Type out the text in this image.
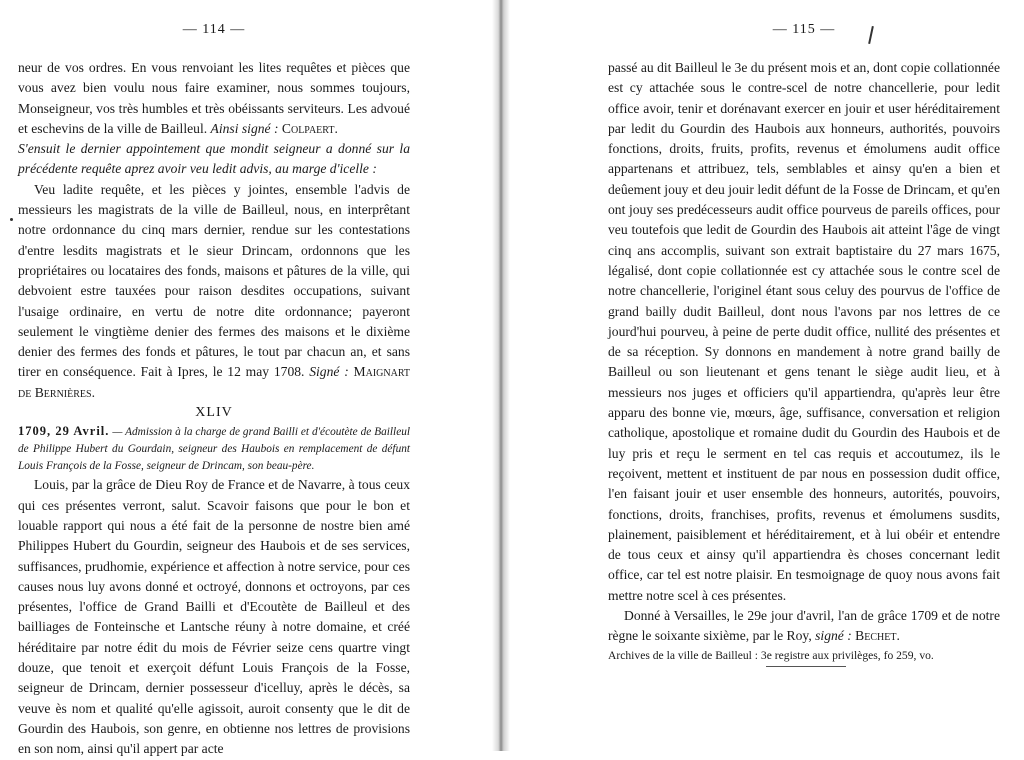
— 114 —

neur de vos ordres. En vous renvoiant les lites requêtes et pièces que vous avez bien voulu nous faire examiner, nous sommes toujours, Monseigneur, vos très humbles et très obéissants serviteurs. Les advoué et eschevins de la ville de Bailleul. Ainsi signé : Colpaert.

S'ensuit le dernier appointement que mondit seigneur a donné sur la précédente requête aprez avoir veu ledit advis, au marge d'icelle :

Veu ladite requête, et les pièces y jointes, ensemble l'advis de messieurs les magistrats de la ville de Bailleul, nous, en interprêtant notre ordonnance du cinq mars dernier, rendue sur les contestations d'entre lesdits magistrats et le sieur Drincam, ordonnons que les propriétaires ou locataires des fonds, maisons et pâtures de la ville, qui debvoient estre tauxées pour raison desdites occupations, suivant l'usaige ordinaire, en vertu de notre dite ordonnance; payeront seulement le vingtième denier des fermes des maisons et le dixième denier des fermes des fonds et pâtures, le tout par chacun an, et sans tirer en conséquence. Fait à Ipres, le 12 may 1708. Signé : Maignart de Bernières.

XLIV

1709, 29 Avril. — Admission à la charge de grand Bailli et d'écoutète de Bailleul de Philippe Hubert du Gourdain, seigneur des Haubois en remplacement de défunt Louis François de la Fosse, seigneur de Drincam, son beau-père.

Louis, par la grâce de Dieu Roy de France et de Navarre, à tous ceux qui ces présentes verront, salut. Scavoir faisons que pour le bon et louable rapport qui nous a été fait de la personne de nostre bien amé Philippes Hubert du Gourdin, seigneur des Haubois et de ses services, suffisances, prudhomie, expérience et affection à notre service, pour ces causes nous luy avons donné et octroyé, donnons et octroyons, par ces présentes, l'office de Grand Bailli et d'Ecoutète de Bailleul et des bailliages de Fonteinsche et Lantsche réuny à notre domaine, et créé héréditaire par notre édit du mois de Février seize cens quartre vingt douze, que tenoit et exerçoit défunt Louis François de la Fosse, seigneur de Drincam, dernier possesseur d'icelluy, après le décès, sa veuve ès nom et qualité qu'elle agissoit, auroit consenty que le dit de Gourdin des Haubois, son genre, en obtienne nos lettres de provisions en son nom, ainsi qu'il appert par acte

— 115 —

passé au dit Bailleul le 3e du présent mois et an, dont copie collationnée est cy attachée sous le contre-scel de notre chancellerie, pour ledit office avoir, tenir et dorénavant exercer en jouir et user héréditairement par ledit du Gourdin des Haubois aux honneurs, authorités, pouvoirs fonctions, droits, fruits, profits, revenus et émolumens audit office appartenans et attribuez, tels, semblables et ainsy qu'en a bien et deûement jouy et deu jouir ledit défunt de la Fosse de Drincam, et qu'en ont jouy ses predécesseurs audit office pourveus de pareils offices, pour veu toutefois que ledit de Gourdin des Haubois ait atteint l'âge de vingt cinq ans accomplis, suivant son extrait baptistaire du 27 mars 1675, légalisé, dont copie collationnée est cy attachée sous le contre scel de notre chancellerie, l'originel étant sous celuy des pourvus de l'office de grand bailly dudit Bailleul, dont nous l'avons par nos lettres de ce jourd'hui pourveu, à peine de perte dudit office, nullité des présentes et de sa réception. Sy donnons en mandement à notre grand bailly de Bailleul ou son lieutenant et gens tenant le siège audit lieu, et à messieurs nos juges et officiers qu'il appartiendra, qu'après leur être apparu des bonne vie, mœurs, âge, suffisance, conversation et religion catholique, apostolique et romaine dudit du Gourdin des Haubois et de luy pris et reçu le serment en tel cas requis et accoutumez, ils le reçoivent, mettent et instituent de par nous en possession dudit office, l'en faisant jouir et user ensemble des honneurs, autorités, pouvoirs, fonctions, droits, franchises, profits, revenus et émolumens susdits, plainement, paisiblement et héréditairement, et à lui obéir et entendre de tous ceux et ainsy qu'il appartiendra ès choses concernant ledit office, car tel est notre plaisir. En tesmoignage de quoy nous avons fait mettre notre scel à ces présentes.

Donné à Versailles, le 29e jour d'avril, l'an de grâce 1709 et de notre règne le soixante sixième, par le Roy, signé : Bechet.

Archives de la ville de Bailleul : 3e registre aux privilèges, fo 259, vo.
